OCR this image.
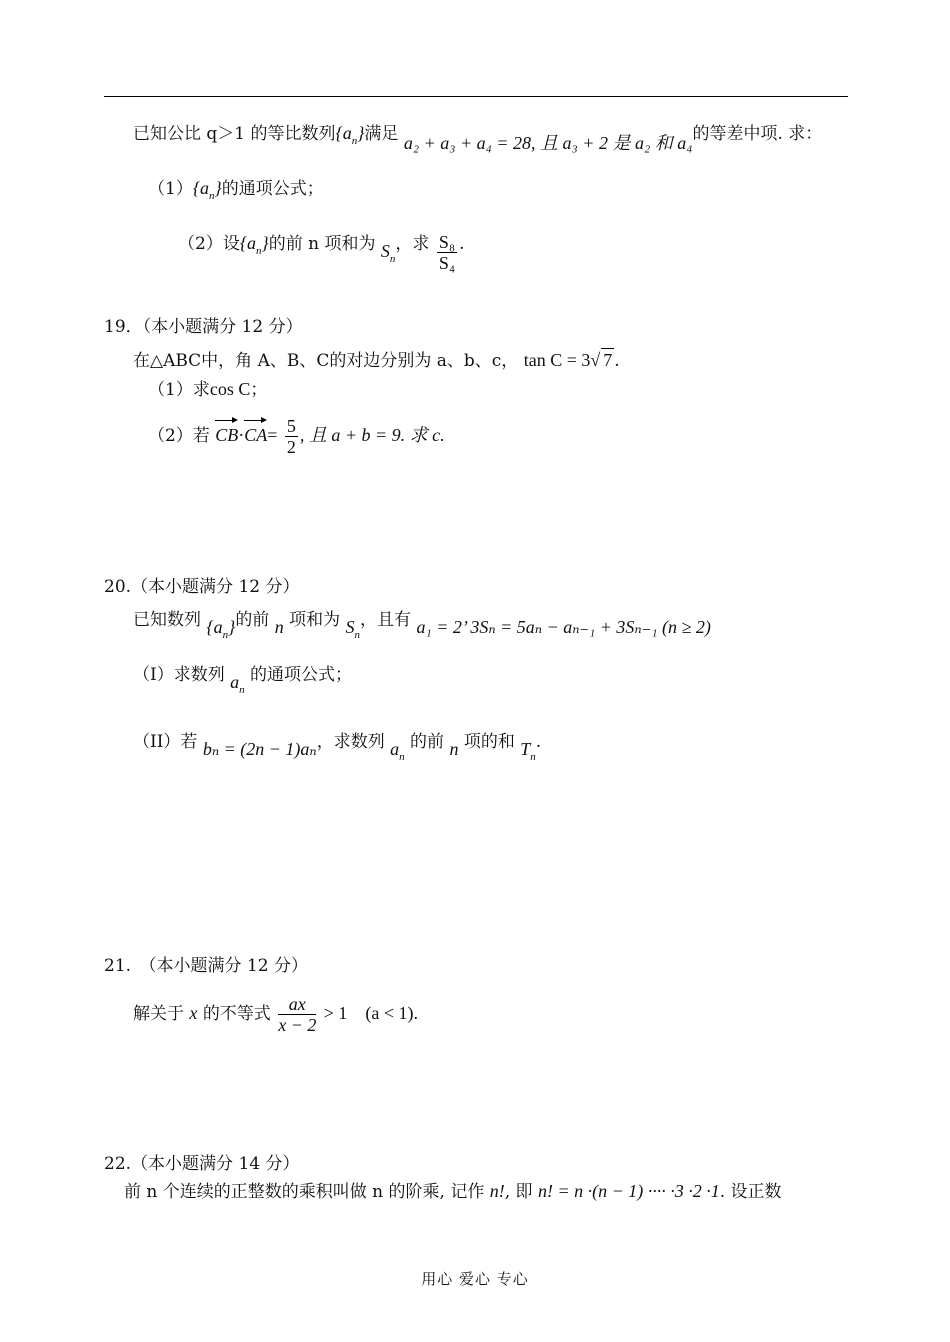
已知公比 q＞1 的等比数列$\{a_n\}$满足 a₂ + a₃ + a₄ = 28, 且 a₃ + 2 是 a₂ 和 a₄的等差中项. 求：
$(1)\{a_n\}$的通项公式；
（2）设$\{a_n\}$的前 n 项和为 $S_n$，求 $\frac{\text{S₈}}{\text{S₄}}$ .
19．（本小题满分 12 分）
在△ABC中，角 A、B、C的对边分别为 a、b、c， tan C = 3√ 7 .
（1）求cos C；
（2）若 $CB\cdot CA= \frac{5}{2}$ , 且 a + b = 9. 求 c.
20.（本小题满分 12 分）
已知数列 $\{a_n\}$的前 n 项和为 $S_n$，且有 a₁ = 2’ 3Sₙ = 5aₙ − aₙ₋₁ + 3Sₙ₋₁ (n ≥ 2)
（I）求数列 $a_n$ 的通项公式；
（II）若 bₙ = (2n − 1)aₙ，求数列 $a_n$ 的前 n 项的和 $T_n$.
21.　（本小题满分 12 分）
解关于 x 的不等式 $\frac{ax}{x - 2} > 1$　(a < 1).
22.（本小题满分 14 分）
前 n 个连续的正整数的乘积叫做 n 的阶乘, 记作 n!, 即 n! = n ·(n − 1) ···· ·3 ·2 ·1. 设正数
用心 爱心 专心
